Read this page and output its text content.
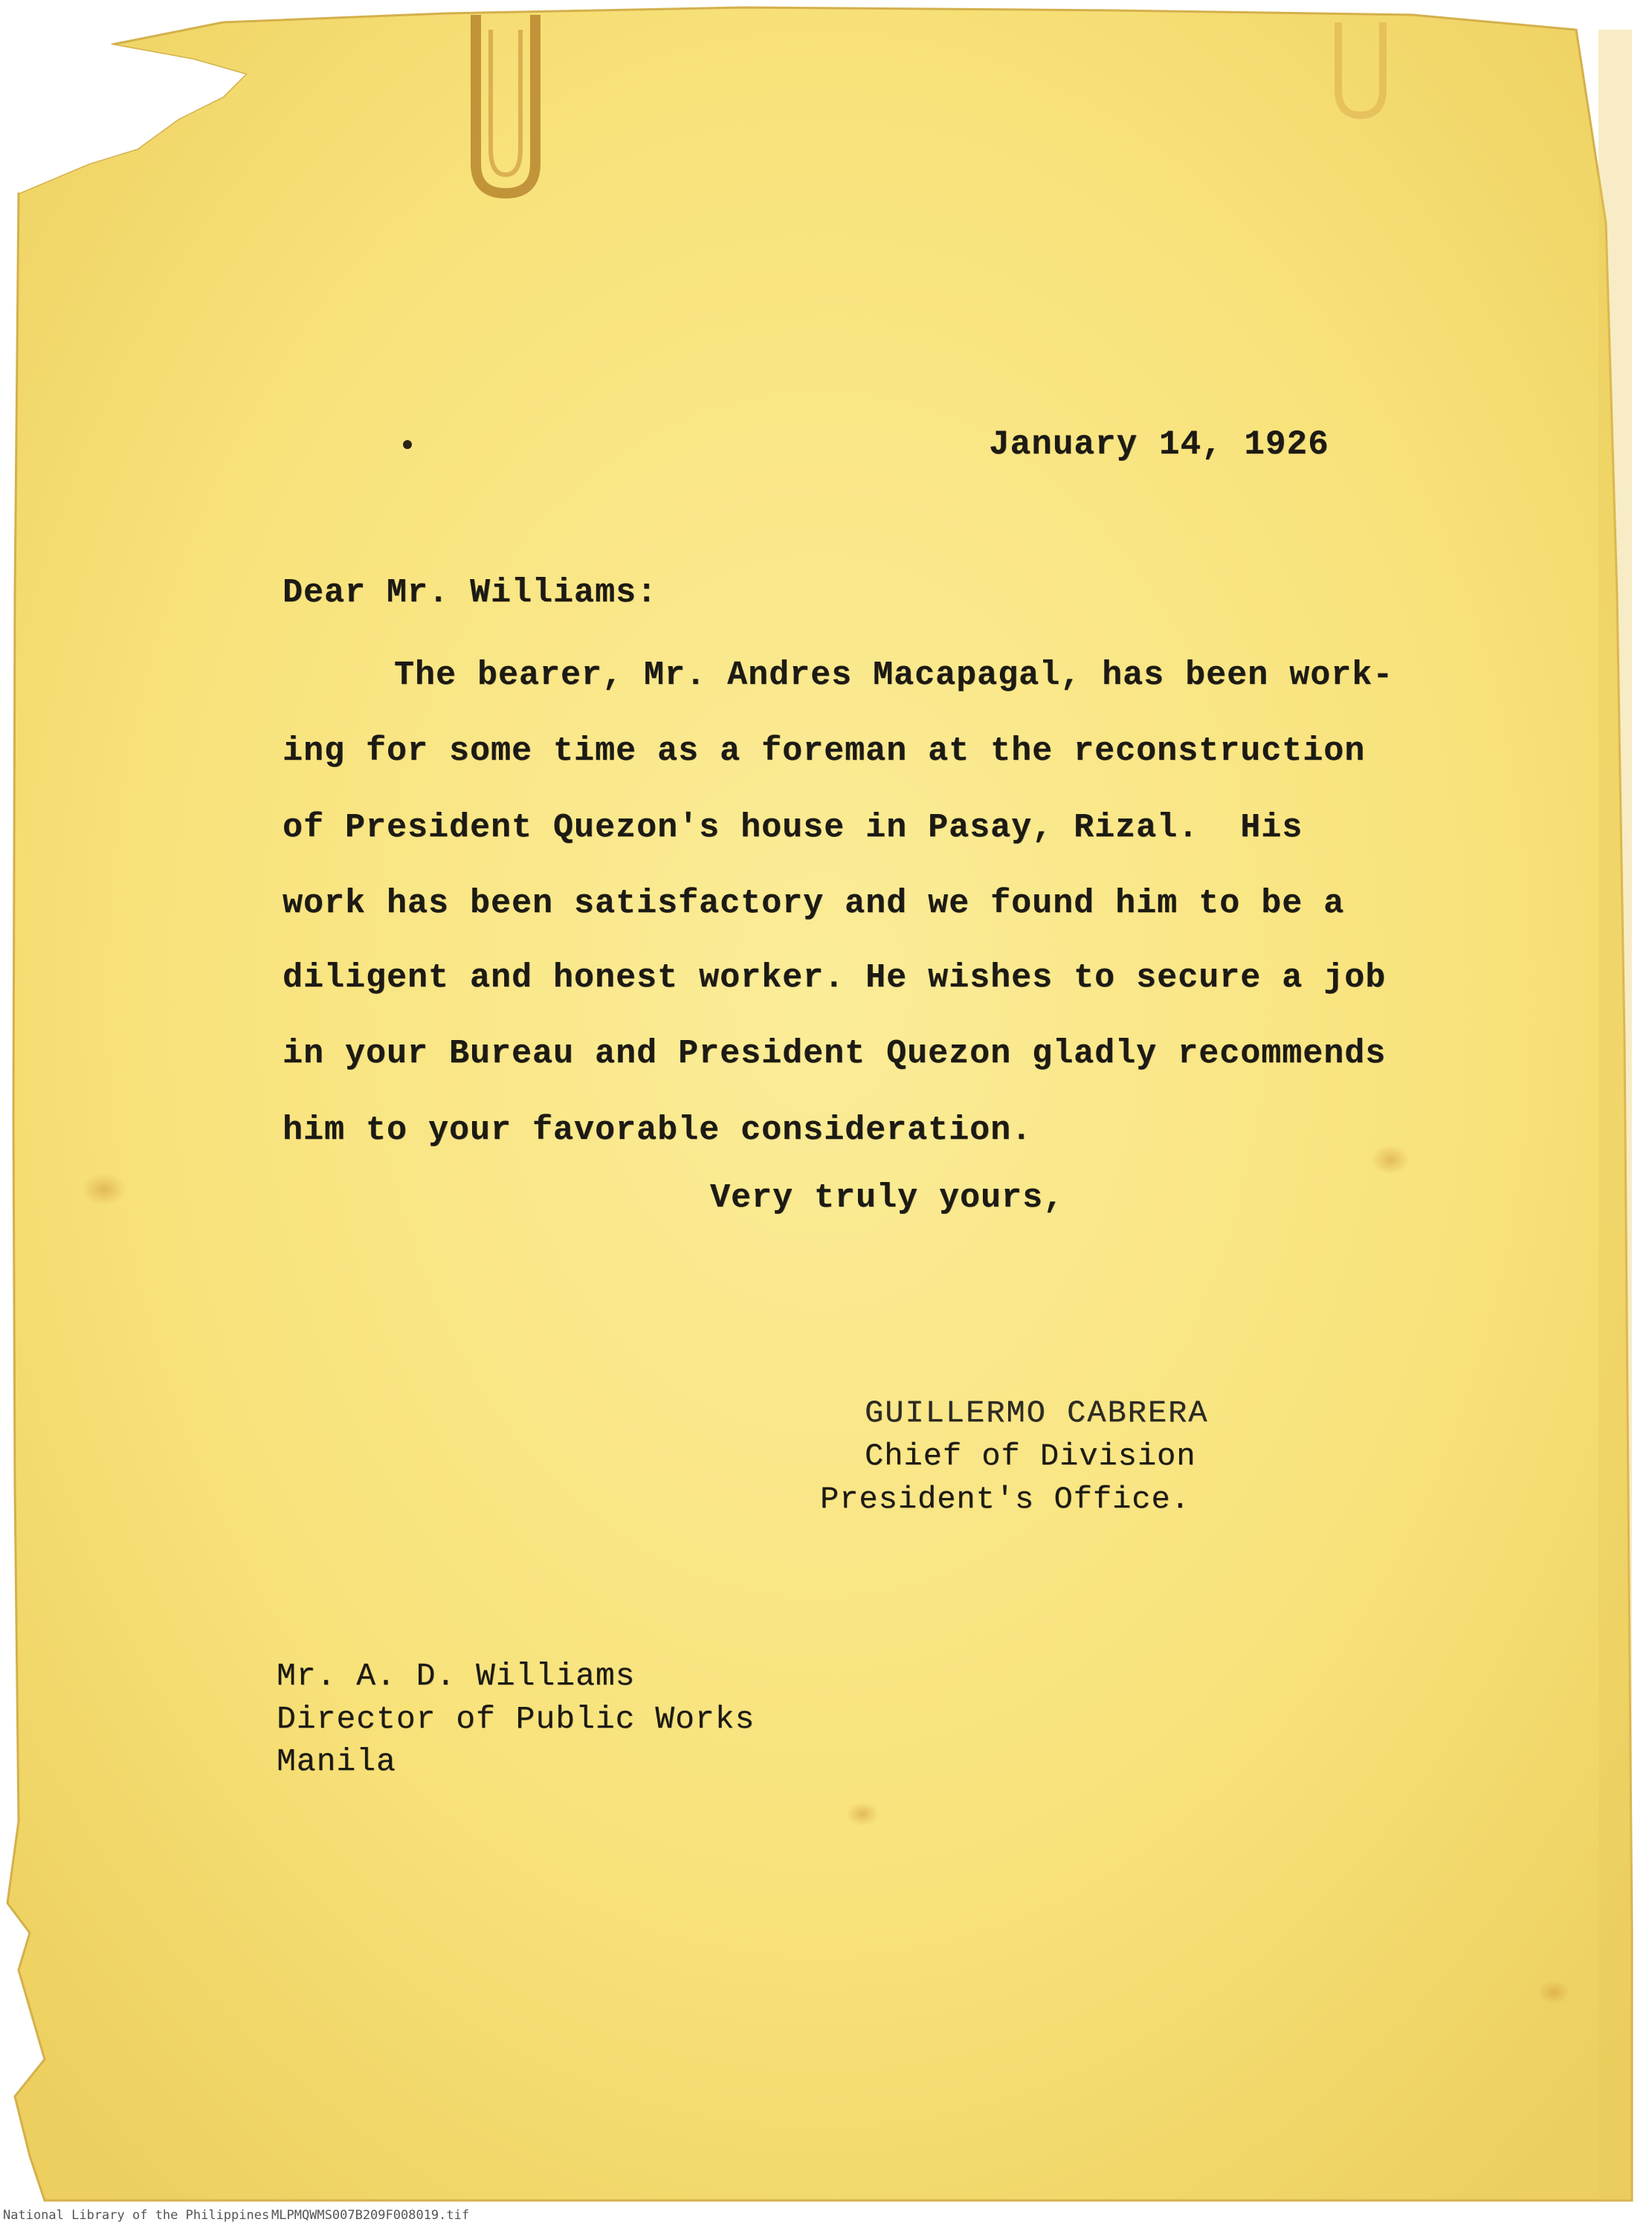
January 14, 1926

Dear Mr. Williams:

The bearer, Mr. Andres Macapagal, has been work-

ing for some time as a foreman at the reconstruction

of President Quezon's house in Pasay, Rizal.  His

work has been satisfactory and we found him to be a

diligent and honest worker. He wishes to secure a job

in your Bureau and President Quezon gladly recommends

him to your favorable consideration.

Very truly yours,

GUILLERMO CABRERA

Chief of Division

President's Office.

Mr. A. D. Williams

Director of Public Works

Manila

National Library of the Philippines MLPMQWMS007B209F008019.tif
